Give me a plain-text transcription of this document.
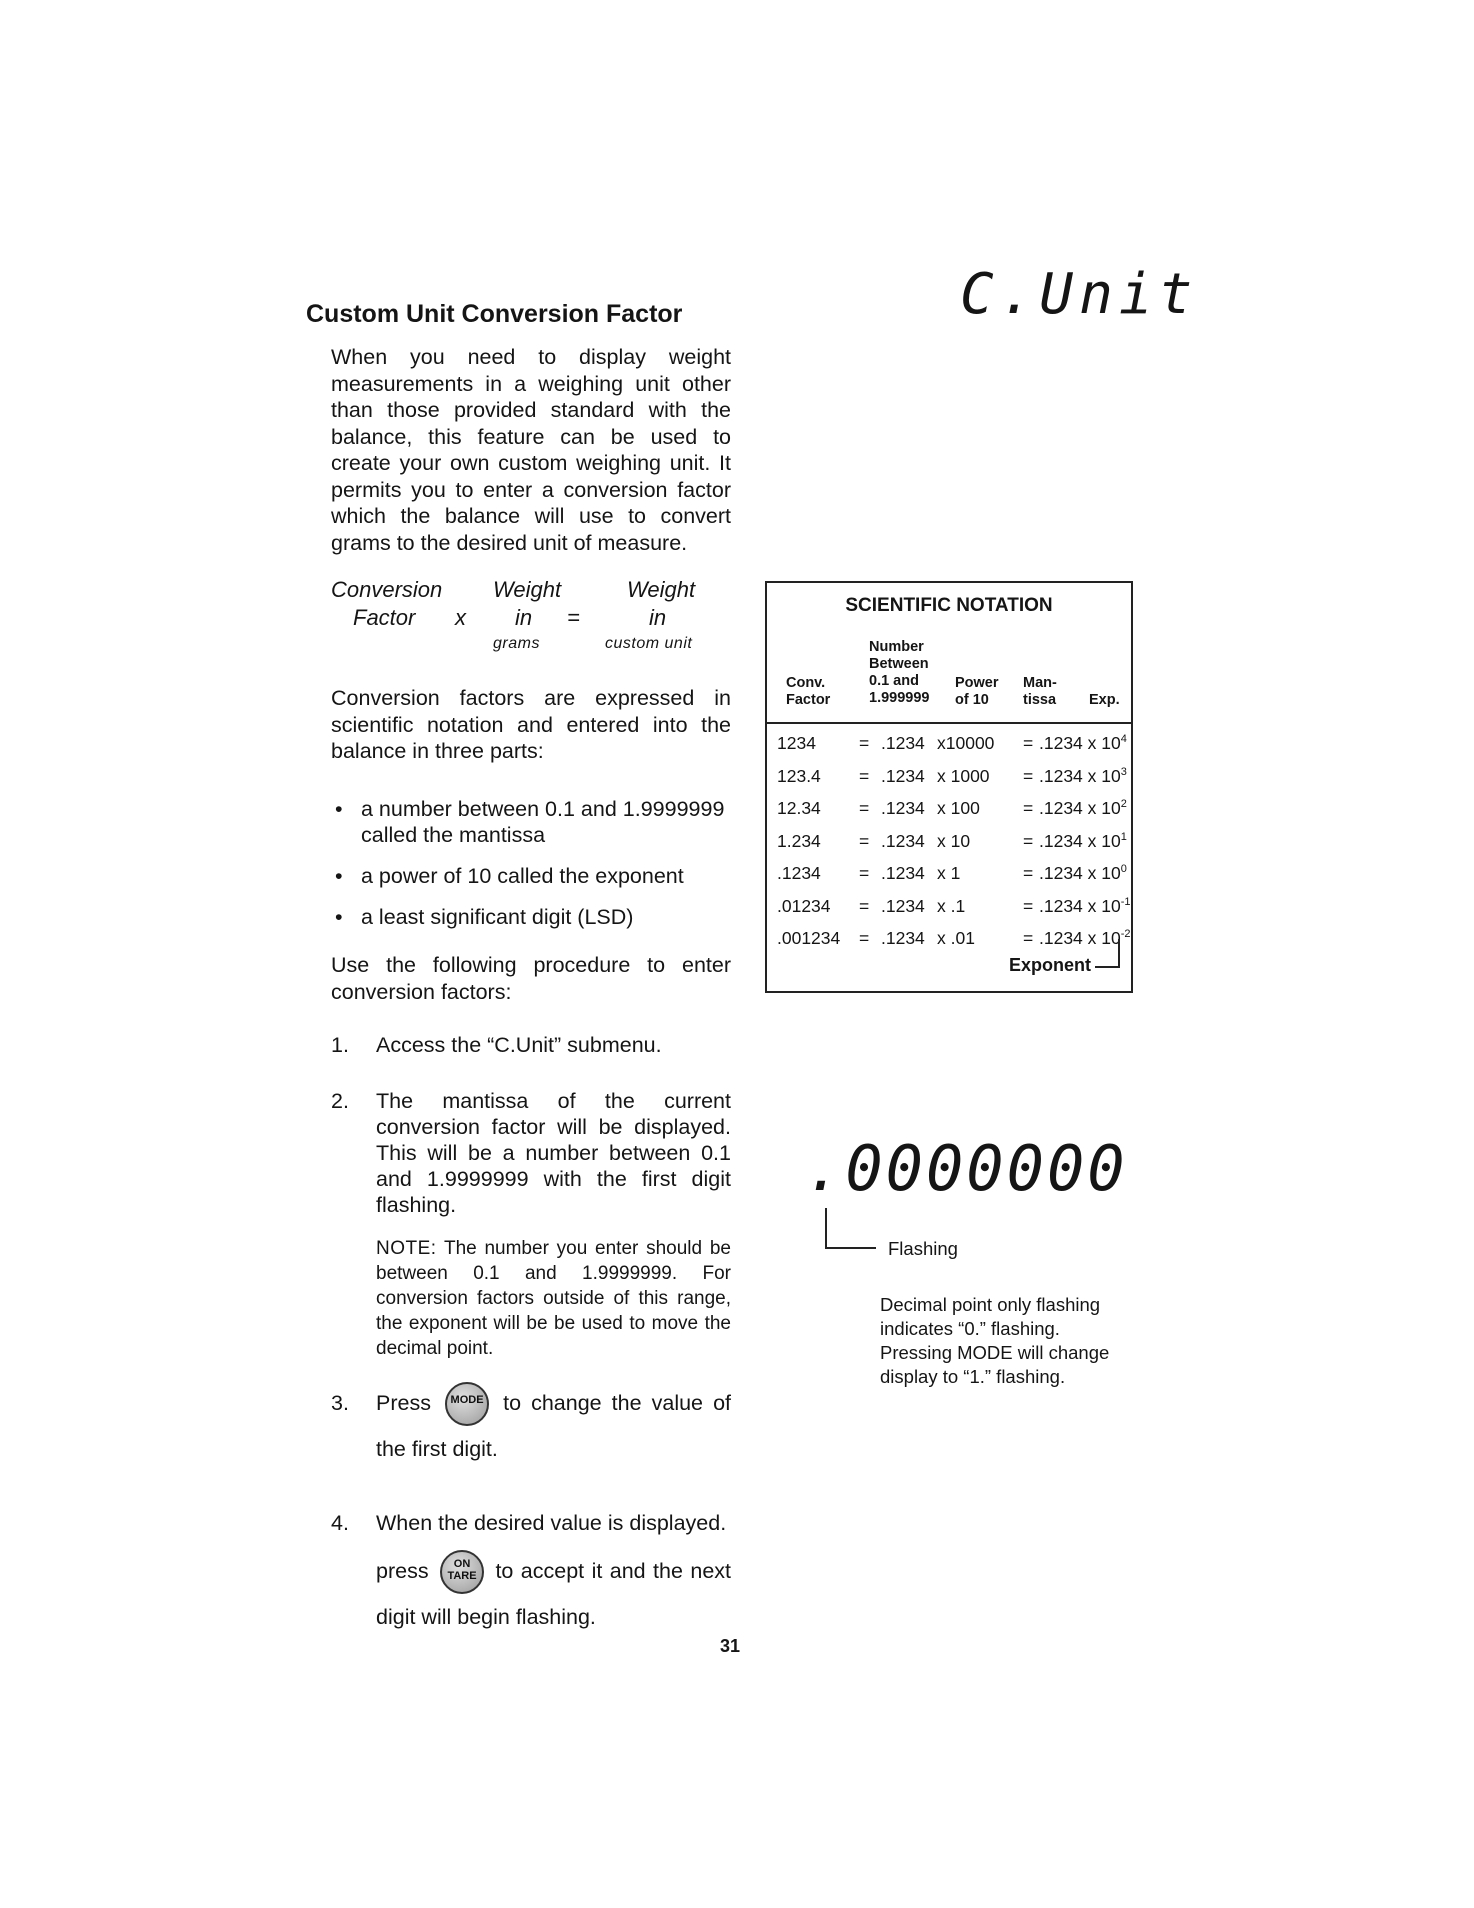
Custom Unit Conversion Factor
When you need to display weight measurements in a weighing unit other than those provided standard with the balance, this feature can be used to create your own custom weighing unit. It permits you to enter a conversion factor which the balance will use to convert grams to the desired unit of measure.
Conversion
Factor x
Weight
in
grams
=
Weight
in
custom unit
Conversion factors are expressed in scientific notation and entered into the balance in three parts:
• a number between 0.1 and 1.9999999 called the mantissa
• a power of 10 called the exponent
• a least significant digit (LSD)
Use the following procedure to enter conversion factors:
1. Access the “C.Unit” submenu.
2. The mantissa of the current conversion factor will be displayed. This will be a number between 0.1 and 1.9999999 with the first digit flashing.
NOTE: The number you enter should be between 0.1 and 1.9999999. For conversion factors outside of this range, the exponent will be be used to move the decimal point.
3. Press MODE to change the value of the first digit.
4. When the desired value is displayed.
press ON
TARE to accept it and the next digit will begin flashing.
31
C.Unit
SCIENTIFIC NOTATION
Conv.
Factor
Number
Between
0.1 and
1.999999
Power
of 10
Man-
tissa Exp.
1234 = .1234 x10000 = .1234 x $10^4$
123.4 = .1234 x 1000 = .1234 x $10^3$
12.34 = .1234 x 100 = .1234 x $10^2$
1.234 = .1234 x 10	= .1234 x $10^1$
.1234 = .1234 x 1	= .1234 x $10^0$
.01234 = .1234 x .1	= .1234 x $10^{-1}$
.001234 = .1234 x .01	= .1234 x $10^{-2}$
Exponent
.0000000
Flashing
Decimal point only flashing indicates “0.” flashing. Pressing MODE will change display to “1.” flashing.
